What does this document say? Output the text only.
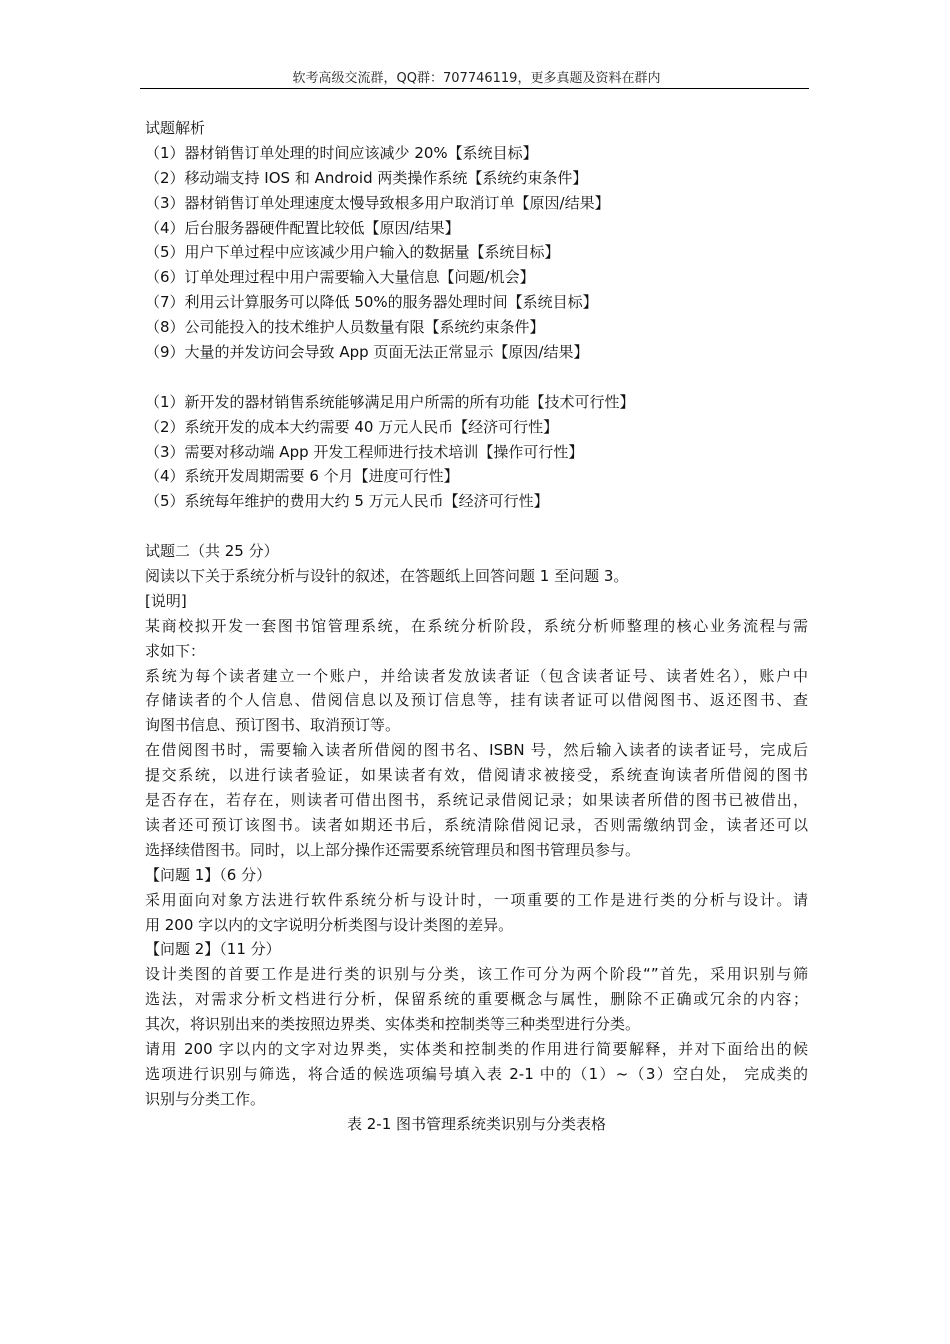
软考高级交流群，QQ群：707746119，更多真题及资料在群内
试题解析
（1）器材销售订单处理的时间应该减少 20%【系统目标】
（2）移动端支持 IOS 和 Android 两类操作系统【系统约束条件】
（3）器材销售订单处理速度太慢导致根多用户取消订单【原因/结果】
（4）后台服务器硬件配置比较低【原因/结果】
（5）用户下单过程中应该减少用户输入的数据量【系统目标】
（6）订单处理过程中用户需要输入大量信息【问题/机会】
（7）利用云计算服务可以降低 50%的服务器处理时间【系统目标】
（8）公司能投入的技术维护人员数量有限【系统约束条件】
（9）大量的并发访问会导致 App 页面无法正常显示【原因/结果】
（1）新开发的器材销售系统能够满足用户所需的所有功能【技术可行性】
（2）系统开发的成本大约需要 40 万元人民币【经济可行性】
（3）需要对移动端 App 开发工程师进行技术培训【操作可行性】
（4）系统开发周期需要 6 个月【进度可行性】
（5）系统每年维护的费用大约 5 万元人民币【经济可行性】
试题二（共 25 分）
阅读以下关于系统分析与设针的叙述，在答题纸上回答问题 1 至问题 3。
[说明]
某商校拟开发一套图书馆管理系统，在系统分析阶段，系统分析师整理的核心业务流程与需
求如下：
系统为每个读者建立一个账户，并给读者发放读者证（包含读者证号、读者姓名），账户中
存储读者的个人信息、借阅信息以及预订信息等，挂有读者证可以借阅图书、返还图书、查
询图书信息、预订图书、取消预订等。
在借阅图书时，需要输入读者所借阅的图书名、ISBN 号，然后输入读者的读者证号，完成后
提交系统，以进行读者验证，如果读者有效，借阅请求被接受，系统查询读者所借阅的图书
是否存在，若存在，则读者可借出图书，系统记录借阅记录；如果读者所借的图书已被借出，
读者还可预订该图书。读者如期还书后，系统清除借阅记录，否则需缴纳罚金，读者还可以
选择续借图书。同时，以上部分操作还需要系统管理员和图书管理员参与。
【问题 1】（6 分）
采用面向对象方法进行软件系统分析与设计时，一项重要的工作是进行类的分析与设计。请
用 200 字以内的文字说明分析类图与设计类图的差异。
【问题 2】（11 分）
设计类图的首要工作是进行类的识别与分类，该工作可分为两个阶段“”首先，采用识别与筛
选法，对需求分析文档进行分析，保留系统的重要概念与属性，删除不正确或冗余的内容；
其次，将识别出来的类按照边界类、实体类和控制类等三种类型进行分类。
请用 200 字以内的文字对边界类，实体类和控制类的作用进行简要解释，并对下面给出的候
选项进行识别与筛选，将合适的候选项编号填入表 2-1 中的（1）~（3）空白处， 完成类的
识别与分类工作。
表 2-1 图书管理系统类识别与分类表格
